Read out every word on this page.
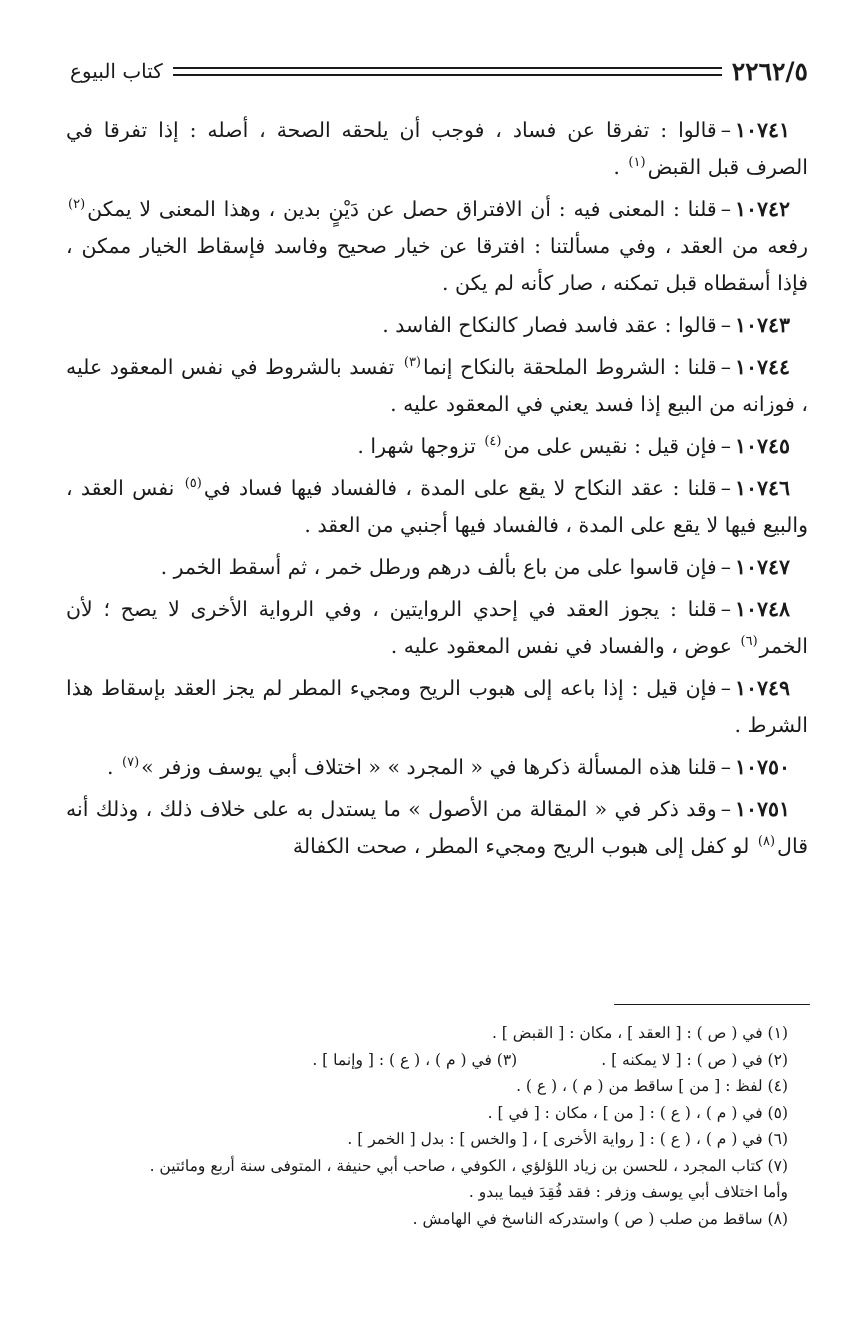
٢٢٦٢/٥
كتاب البيوع

١٠٧٤١–قالوا : تفرقا عن فساد ، فوجب أن يلحقه الصحة ، أصله : إذا تفرقا في الصرف قبل القبض$^{(١)}$ .

١٠٧٤٢–قلنا : المعنى فيه : أن الافتراق حصل عن دَيْنٍ بدين ، وهذا المعنى لا يمكن$^{(٢)}$ رفعه من العقد ، وفي مسألتنا : افترقا عن خيار صحيح وفاسد فإسقاط الخيار ممكن ، فإذا أسقطاه قبل تمكنه ، صار كأنه لم يكن .

١٠٧٤٣–قالوا : عقد فاسد فصار كالنكاح الفاسد .

١٠٧٤٤–قلنا : الشروط الملحقة بالنكاح إنما$^{(٣)}$ تفسد بالشروط في نفس المعقود عليه ، فوزانه من البيع إذا فسد يعني في المعقود عليه .

١٠٧٤٥–فإن قيل : نقيس على من$^{(٤)}$ تزوجها شهرا .

١٠٧٤٦–قلنا : عقد النكاح لا يقع على المدة ، فالفساد فيها فساد في$^{(٥)}$ نفس العقد ، والبيع فيها لا يقع على المدة ، فالفساد فيها أجنبي من العقد .

١٠٧٤٧–فإن قاسوا على من باع بألف درهم ورطل خمر ، ثم أسقط الخمر .

١٠٧٤٨–قلنا : يجوز العقد في إحدي الروايتين ، وفي الرواية الأخرى لا يصح ؛ لأن الخمر$^{(٦)}$ عوض ، والفساد في نفس المعقود عليه .

١٠٧٤٩–فإن قيل : إذا باعه إلى هبوب الريح ومجيء المطر لم يجز العقد بإسقاط هذا الشرط .

١٠٧٥٠–قلنا هذه المسألة ذكرها في « المجرد » « اختلاف أبي يوسف وزفر »$^{(٧)}$ .

١٠٧٥١–وقد ذكر في « المقالة من الأصول » ما يستدل به على خلاف ذلك ، وذلك أنه قال$^{(٨)}$ لو كفل إلى هبوب الريح ومجيء المطر ، صحت الكفالة

(١) في ( ص ) : [ العقد ] ، مكان : [ القبض ] .

(٢) في ( ص ) : [ لا يمكنه ] .
(٣) في ( م ) ، ( ع ) : [ وإنما ] .

(٤) لفظ : [ من ] ساقط من ( م ) ، ( ع ) .

(٥) في ( م ) ، ( ع ) : [ من ] ، مكان : [ في ] .

(٦) في ( م ) ، ( ع ) : [ رواية الأخرى ] ، [ والخس ] : بدل [ الخمر ] .

(٧) كتاب المجرد ، للحسن بن زياد اللؤلؤي ، الكوفي ، صاحب أبي حنيفة ، المتوفى سنة أربع ومائتين .

وأما اختلاف أبي يوسف وزفر : فقد فُقِدَ فيما يبدو .

(٨) ساقط من صلب ( ص ) واستدركه الناسخ في الهامش .
